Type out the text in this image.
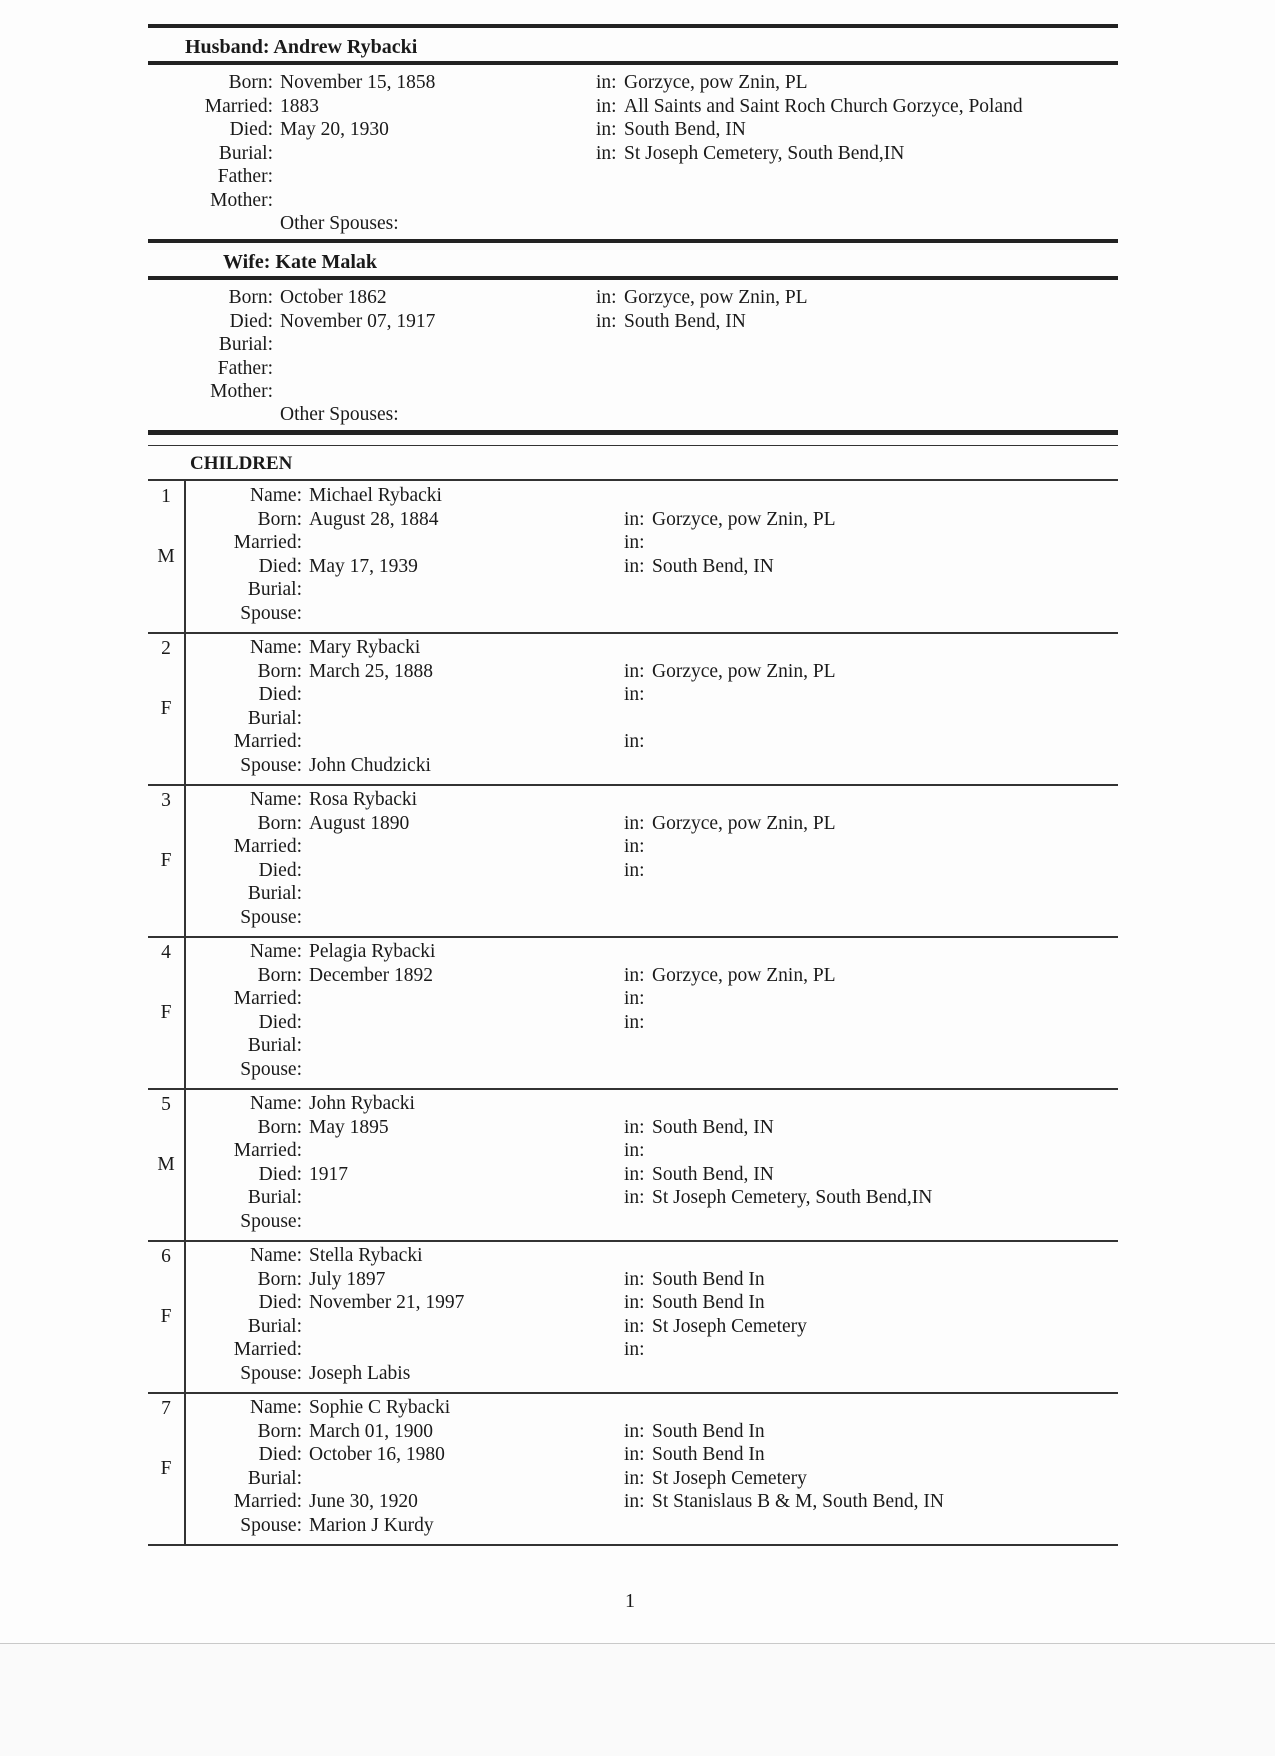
Husband: Andrew Rybacki
Born: November 15, 1858	in: Gorzyce, pow Znin, PL
Married: 1883	in: All Saints and Saint Roch Church Gorzyce, Poland
Died: May 20, 1930	in: South Bend, IN
Burial:	in: St Joseph Cemetery, South Bend,IN
Father:
Mother:
Other Spouses:
Wife: Kate Malak
Born: October 1862	in: Gorzyce, pow Znin, PL
Died: November 07, 1917	in: South Bend, IN
Burial:
Father:
Mother:
Other Spouses:
CHILDREN
1
M
Name: Michael Rybacki
Born: August 28, 1884	in: Gorzyce, pow Znin, PL
Married:	in:
Died: May 17, 1939	in: South Bend, IN
Burial:
Spouse:
2
F
Name: Mary Rybacki
Born: March 25, 1888	in: Gorzyce, pow Znin, PL
Died:	in:
Burial:
Married:	in:
Spouse: John Chudzicki
3
F
Name: Rosa Rybacki
Born: August 1890	in: Gorzyce, pow Znin, PL
Married:	in:
Died:	in:
Burial:
Spouse:
4
F
Name: Pelagia Rybacki
Born: December 1892	in: Gorzyce, pow Znin, PL
Married:	in:
Died:	in:
Burial:
Spouse:
5
M
Name: John Rybacki
Born: May 1895	in: South Bend, IN
Married:	in:
Died: 1917	in: South Bend, IN
Burial:	in: St Joseph Cemetery, South Bend,IN
Spouse:
6
F
Name: Stella Rybacki
Born: July 1897	in: South Bend In
Died: November 21, 1997	in: South Bend In
Burial:	in: St Joseph Cemetery
Married:	in:
Spouse: Joseph Labis
7
F
Name: Sophie C Rybacki
Born: March 01, 1900	in: South Bend In
Died: October 16, 1980	in: South Bend In
Burial:	in: St Joseph Cemetery
Married: June 30, 1920	in: St Stanislaus B & M, South Bend, IN
Spouse: Marion J Kurdy
1
